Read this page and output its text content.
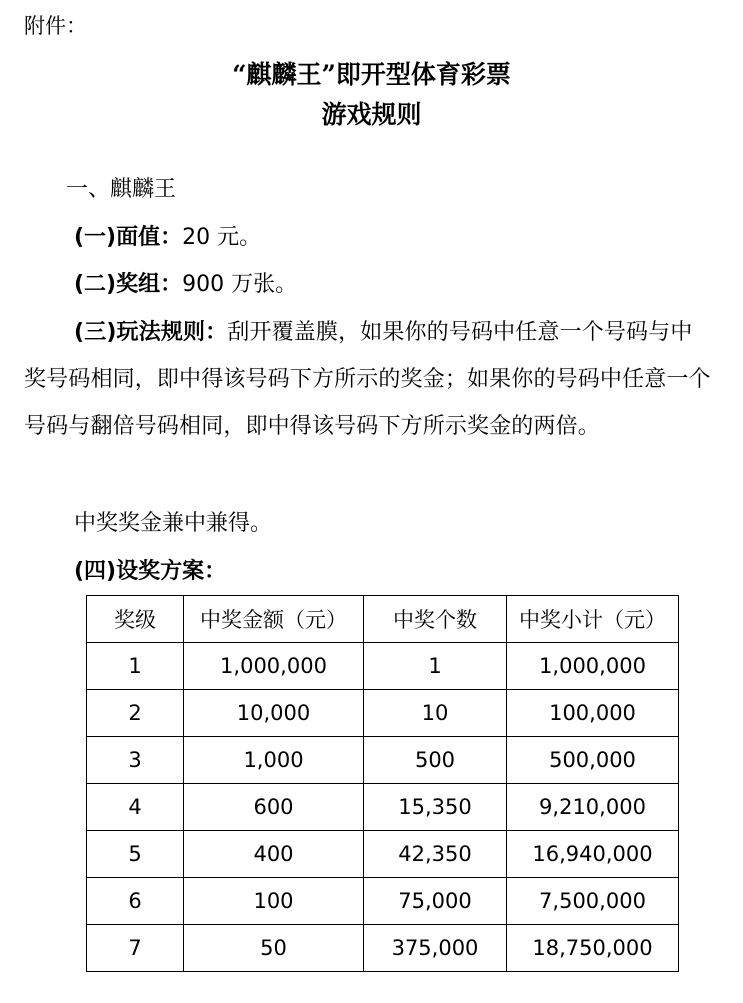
附件：
“麒麟王”即开型体育彩票
游戏规则
一、麒麟王
(一)面值：20 元。
(二)奖组：900 万张。
(三)玩法规则：刮开覆盖膜，如果你的号码中任意一个号码与中奖号码相同，即中得该号码下方所示的奖金；如果你的号码中任意一个号码与翻倍号码相同，即中得该号码下方所示奖金的两倍。
中奖奖金兼中兼得。
(四)设奖方案：
奖级	中奖金额（元）	中奖个数	中奖小计（元）
1	1,000,000	1	1,000,000
2	10,000	10	100,000
3	1,000	500	500,000
4	600	15,350	9,210,000
5	400	42,350	16,940,000
6	100	75,000	7,500,000
7	50	375,000	18,750,000
